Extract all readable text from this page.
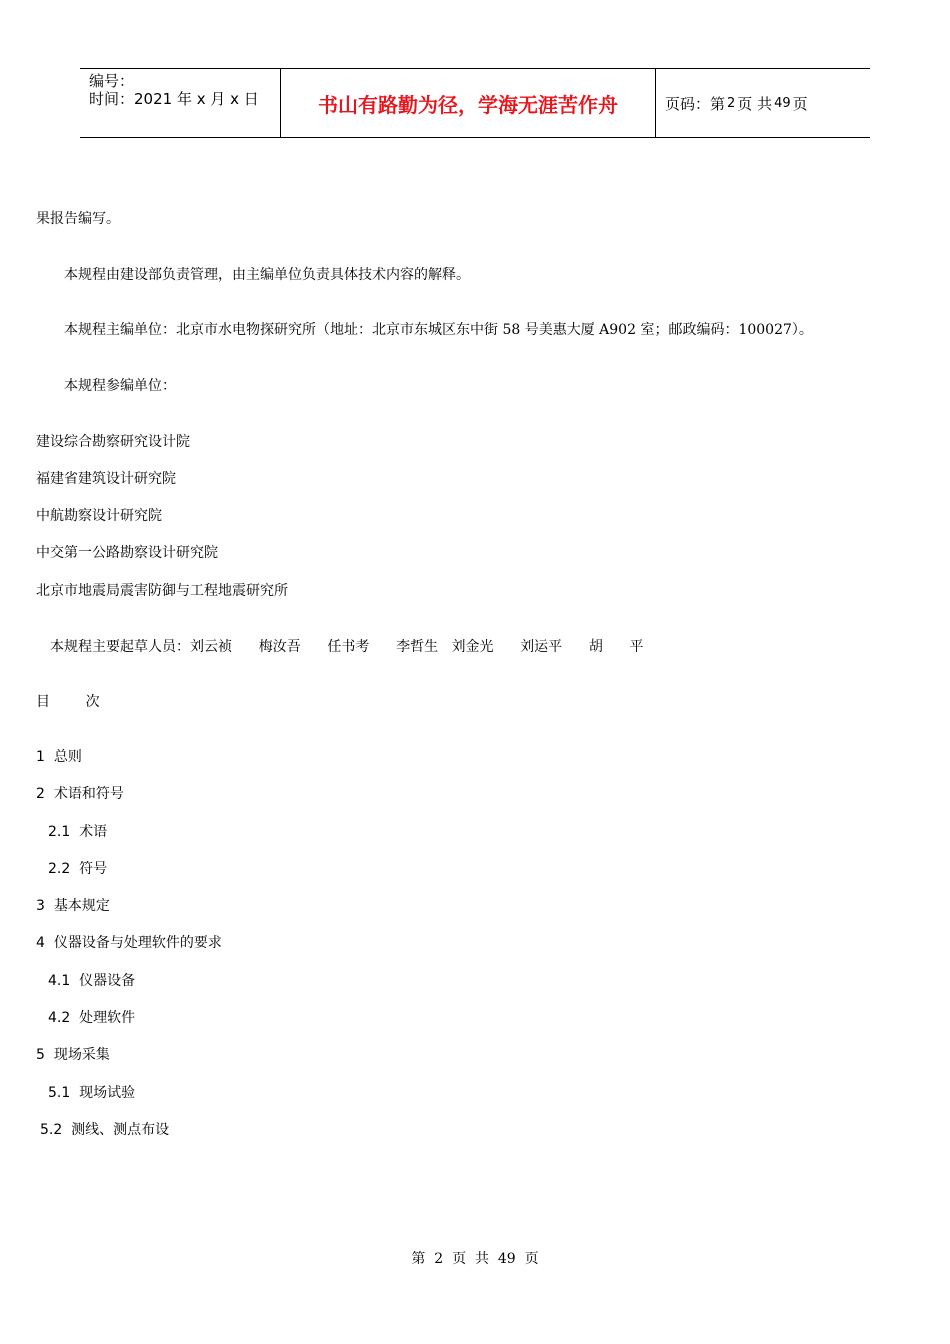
编号：
时间：2021 年 x 月 x 日	书山有路勤为径，学海无涯苦作舟	页码：第 2 页 共 49 页
果报告编写。
本规程由建设部负责管理，由主编单位负责具体技术内容的解释。
本规程主编单位：北京市水电物探研究所（地址：北京市东城区东中街 58 号美惠大厦 A902 室；邮政编码：100027）。
本规程参编单位：
建设综合勘察研究设计院
福建省建筑设计研究院
中航勘察设计研究院
中交第一公路勘察设计研究院
北京市地震局震害防御与工程地震研究所
本规程主要起草人员：刘云祯      梅汝吾      任书考      李哲生   刘金光      刘运平      胡      平
目        次
1 总则
2 术语和符号
2.1 术语
2.2 符号
3 基本规定
4 仪器设备与处理软件的要求
4.1 仪器设备
4.2 处理软件
5 现场采集
5.1 现场试验
5.2 测线、测点布设
第  2  页  共  49  页
